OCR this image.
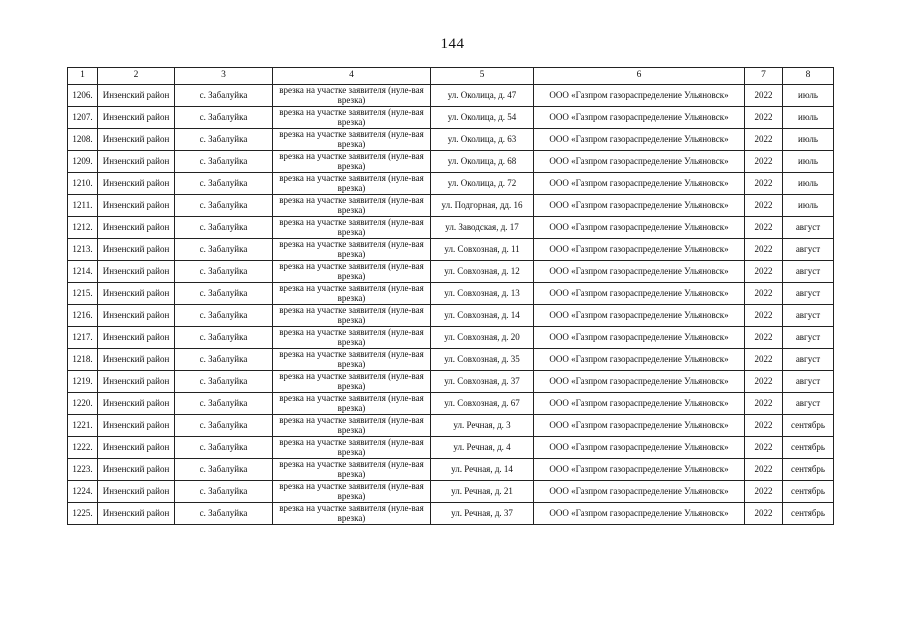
144
1	2	3	4	5	6	7	8
1206.	Инзенский район	с. Забалуйка	врезка на участке заявителя (нуле-вая врезка)	ул. Околица, д. 47	ООО «Газпром газораспределение Ульяновск»	2022	июль
1207.	Инзенский район	с. Забалуйка	врезка на участке заявителя (нуле-вая врезка)	ул. Околица, д. 54	ООО «Газпром газораспределение Ульяновск»	2022	июль
1208.	Инзенский район	с. Забалуйка	врезка на участке заявителя (нуле-вая врезка)	ул. Околица, д. 63	ООО «Газпром газораспределение Ульяновск»	2022	июль
1209.	Инзенский район	с. Забалуйка	врезка на участке заявителя (нуле-вая врезка)	ул. Околица, д. 68	ООО «Газпром газораспределение Ульяновск»	2022	июль
1210.	Инзенский район	с. Забалуйка	врезка на участке заявителя (нуле-вая врезка)	ул. Околица, д. 72	ООО «Газпром газораспределение Ульяновск»	2022	июль
1211.	Инзенский район	с. Забалуйка	врезка на участке заявителя (нуле-вая врезка)	ул. Подгорная, дд. 16	ООО «Газпром газораспределение Ульяновск»	2022	июль
1212.	Инзенский район	с. Забалуйка	врезка на участке заявителя (нуле-вая врезка)	ул. Заводская, д. 17	ООО «Газпром газораспределение Ульяновск»	2022	август
1213.	Инзенский район	с. Забалуйка	врезка на участке заявителя (нуле-вая врезка)	ул. Совхозная, д. 11	ООО «Газпром газораспределение Ульяновск»	2022	август
1214.	Инзенский район	с. Забалуйка	врезка на участке заявителя (нуле-вая врезка)	ул. Совхозная, д. 12	ООО «Газпром газораспределение Ульяновск»	2022	август
1215.	Инзенский район	с. Забалуйка	врезка на участке заявителя (нуле-вая врезка)	ул. Совхозная, д. 13	ООО «Газпром газораспределение Ульяновск»	2022	август
1216.	Инзенский район	с. Забалуйка	врезка на участке заявителя (нуле-вая врезка)	ул. Совхозная, д. 14	ООО «Газпром газораспределение Ульяновск»	2022	август
1217.	Инзенский район	с. Забалуйка	врезка на участке заявителя (нуле-вая врезка)	ул. Совхозная, д. 20	ООО «Газпром газораспределение Ульяновск»	2022	август
1218.	Инзенский район	с. Забалуйка	врезка на участке заявителя (нуле-вая врезка)	ул. Совхозная, д. 35	ООО «Газпром газораспределение Ульяновск»	2022	август
1219.	Инзенский район	с. Забалуйка	врезка на участке заявителя (нуле-вая врезка)	ул. Совхозная, д. 37	ООО «Газпром газораспределение Ульяновск»	2022	август
1220.	Инзенский район	с. Забалуйка	врезка на участке заявителя (нуле-вая врезка)	ул. Совхозная, д. 67	ООО «Газпром газораспределение Ульяновск»	2022	август
1221.	Инзенский район	с. Забалуйка	врезка на участке заявителя (нуле-вая врезка)	ул. Речная, д. 3	ООО «Газпром газораспределение Ульяновск»	2022	сентябрь
1222.	Инзенский район	с. Забалуйка	врезка на участке заявителя (нуле-вая врезка)	ул. Речная, д. 4	ООО «Газпром газораспределение Ульяновск»	2022	сентябрь
1223.	Инзенский район	с. Забалуйка	врезка на участке заявителя (нуле-вая врезка)	ул. Речная, д. 14	ООО «Газпром газораспределение Ульяновск»	2022	сентябрь
1224.	Инзенский район	с. Забалуйка	врезка на участке заявителя (нуле-вая врезка)	ул. Речная, д. 21	ООО «Газпром газораспределение Ульяновск»	2022	сентябрь
1225.	Инзенский район	с. Забалуйка	врезка на участке заявителя (нуле-вая врезка)	ул. Речная, д. 37	ООО «Газпром газораспределение Ульяновск»	2022	сентябрь
